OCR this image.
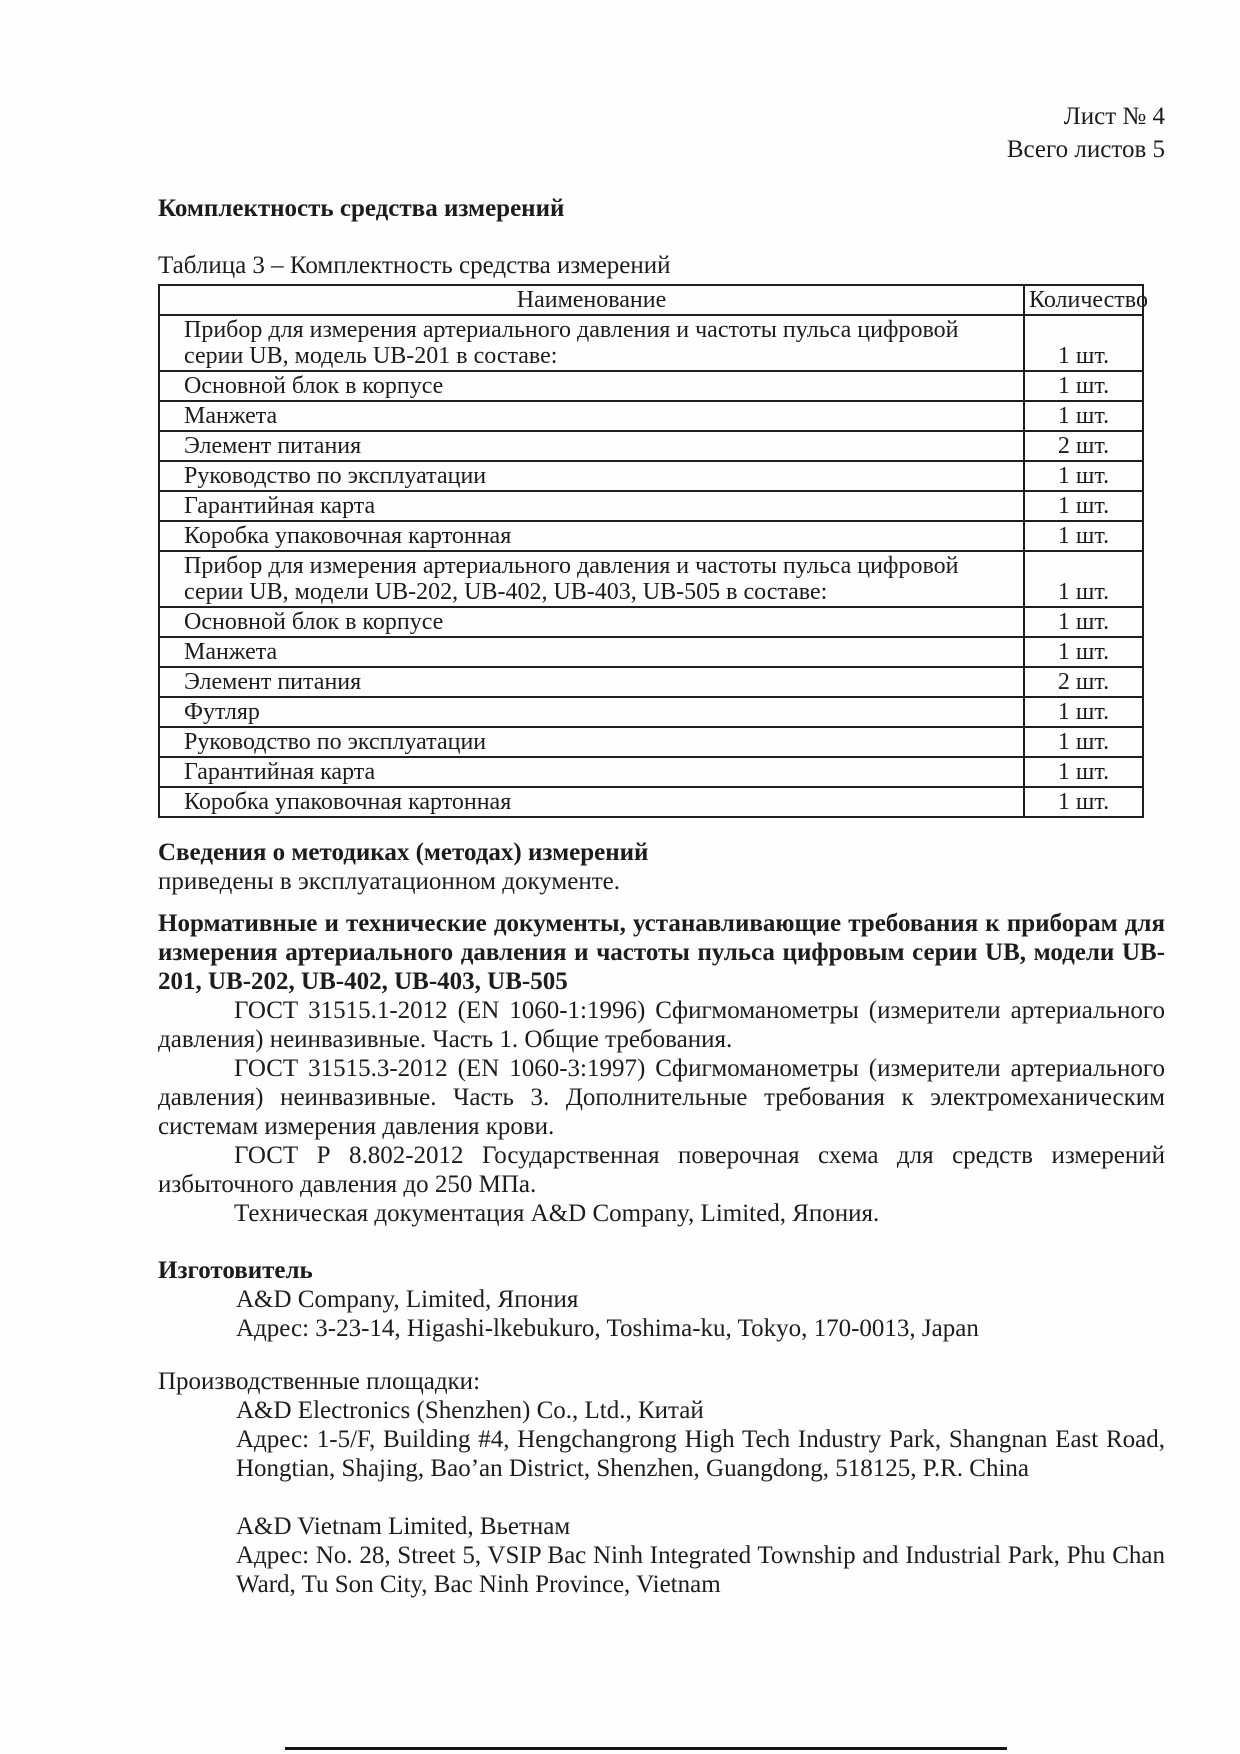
Лист № 4
Всего листов 5
Комплектность средства измерений
Таблица 3 – Комплектность средства измерений
Наименование	Количество
Прибор для измерения артериального давления и частоты пульса цифровой серии UB, модель UB-201 в составе:	1 шт.
Основной блок в корпусе	1 шт.
Манжета	1 шт.
Элемент питания	2 шт.
Руководство по эксплуатации	1 шт.
Гарантийная карта	1 шт.
Коробка упаковочная картонная	1 шт.
Прибор для измерения артериального давления и частоты пульса цифровой серии UB, модели UB-202, UB-402, UB-403, UB-505 в составе:	1 шт.
Основной блок в корпусе	1 шт.
Манжета	1 шт.
Элемент питания	2 шт.
Футляр	1 шт.
Руководство по эксплуатации	1 шт.
Гарантийная карта	1 шт.
Коробка упаковочная картонная	1 шт.
Сведения о методиках (методах) измерений

приведены в эксплуатационном документе.

Нормативные и технические документы, устанавливающие требования к приборам для измерения артериального давления и частоты пульса цифровым серии UB, модели UB-201, UB-202, UB-402, UB-403, UB-505

ГОСТ 31515.1-2012 (EN 1060-1:1996) Сфигмоманометры (измерители артериального давления) неинвазивные. Часть 1. Общие требования.

ГОСТ 31515.3-2012 (EN 1060-3:1997) Сфигмоманометры (измерители артериального давления) неинвазивные. Часть 3. Дополнительные требования к электромеханическим системам измерения давления крови.

ГОСТ Р 8.802-2012 Государственная поверочная схема для средств измерений избыточного давления до 250 МПа.

Техническая документация A&D Company, Limited, Япония.

Изготовитель
A&D Company, Limited, Япония
Адрес: 3-23-14, Higashi-lkebukuro, Toshima-ku, Tokyo, 170-0013, Japan

Производственные площадки:

A&D Electronics (Shenzhen) Co., Ltd., Китай
Адрес: 1-5/F, Building #4, Hengchangrong High Tech Industry Park, Shangnan East Road, Hongtian, Shajing, Bao’an District, Shenzhen, Guangdong, 518125, P.R. China
A&D Vietnam Limited, Вьетнам
Адрес: No. 28, Street 5, VSIP Bac Ninh Integrated Township and Industrial Park, Phu Chan Ward, Tu Son City, Bac Ninh Province, Vietnam
